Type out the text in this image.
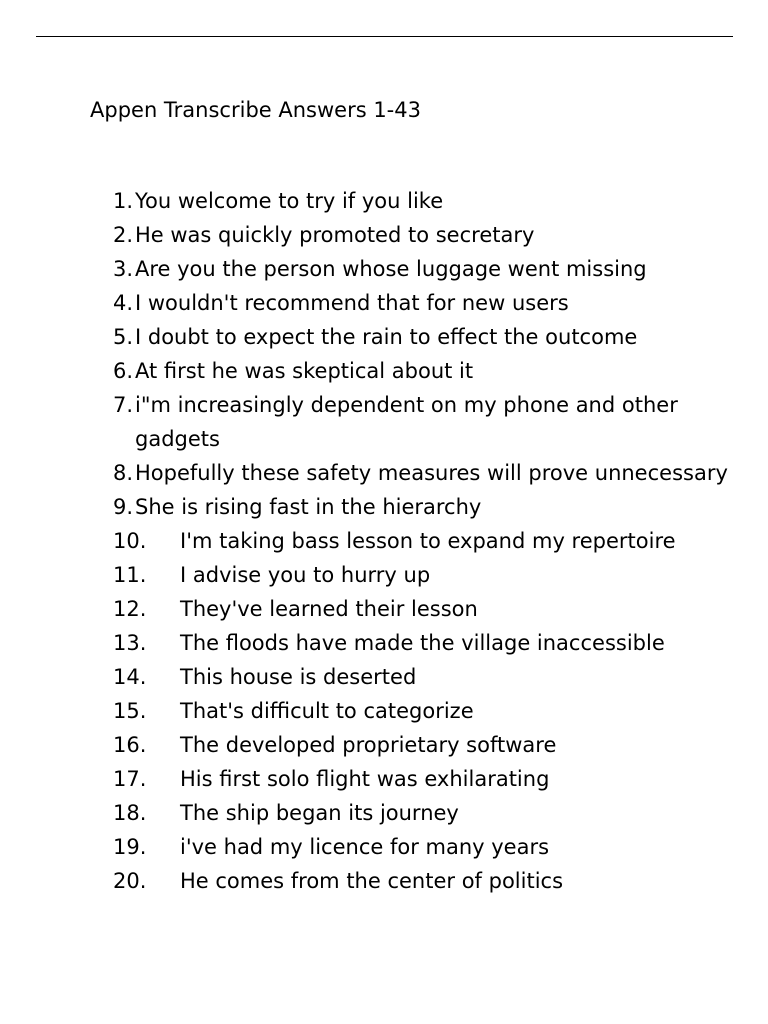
Appen Transcribe Answers 1-43
1. You welcome to try if you like
2. He was quickly promoted to secretary
3. Are you the person whose luggage went missing
4. I wouldn't recommend that for new users
5. I doubt to expect the rain to effect the outcome
6. At first he was skeptical about it
7. i"m increasingly dependent on my phone and other gadgets
8. Hopefully these safety measures will prove unnecessary
9. She is rising fast in the hierarchy
10. I'm taking bass lesson to expand my repertoire
11. I advise you to hurry up
12. They've learned their lesson
13. The floods have made the village inaccessible
14. This house is deserted
15. That's difficult to categorize
16. The developed proprietary software
17. His first solo flight was exhilarating
18. The ship began its journey
19. i've had my licence for many years
20. He comes from the center of politics
